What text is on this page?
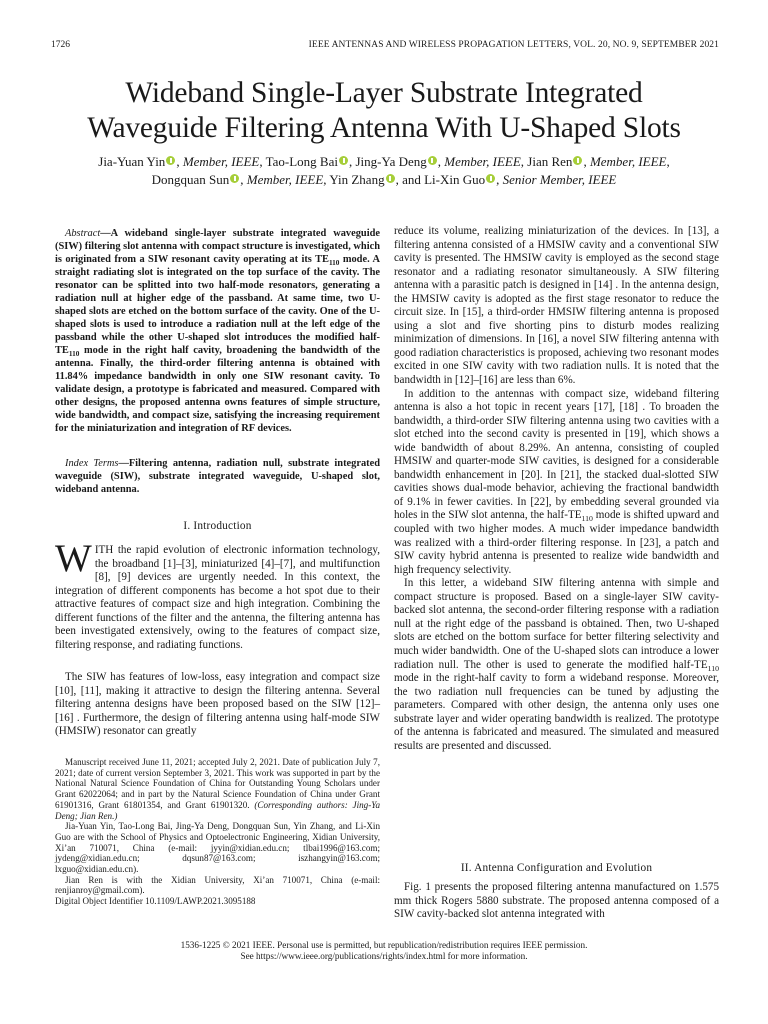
1726	IEEE ANTENNAS AND WIRELESS PROPAGATION LETTERS, VOL. 20, NO. 9, SEPTEMBER 2021
Wideband Single-Layer Substrate Integrated
Waveguide Filtering Antenna With U-Shaped Slots
Jia-Yuan Yin , Member, IEEE, Tao-Long Bai , Jing-Ya Deng , Member, IEEE, Jian Ren , Member, IEEE,
Dongquan Sun , Member, IEEE, Yin Zhang , and Li-Xin Guo , Senior Member, IEEE

Abstract—A wideband single-layer substrate integrated waveguide (SIW) filtering slot antenna with compact structure is investigated, which is originated from a SIW resonant cavity operating at its $TE_{110}$ mode. A straight radiating slot is integrated on the top surface of the cavity. The resonator can be splitted into two half-mode resonators, generating a radiation null at higher edge of the passband. At same time, two U-shaped slots are etched on the bottom surface of the cavity. One of the U-shaped slots is used to introduce a radiation null at the left edge of the passband while the other U-shaped slot introduces the modified half-$TE_{110}$ mode in the right half cavity, broadening the bandwidth of the antenna. Finally, the third-order filtering antenna is obtained with 11.84% impedance bandwidth in only one SIW resonant cavity. To validate design, a prototype is fabricated and measured. Compared with other designs, the proposed antenna owns features of simple structure, wide bandwidth, and compact size, satisfying the increasing requirement for the miniaturization and integration of RF devices.

Index Terms—Filtering antenna, radiation null, substrate integrated waveguide (SIW), substrate integrated waveguide, U-shaped slot, wideband antenna.

I. Introduction

WITH the rapid evolution of electronic information technology, the broadband [1]–[3], miniaturized [4]–[7], and multifunction [8], [9] devices are urgently needed. In this context, the integration of different components has become a hot spot due to their attractive features of compact size and high integration. Combining the different functions of the filter and the antenna, the filtering antenna has been investigated extensively, owing to the features of compact size, filtering response, and radiating functions.

The SIW has features of low-loss, easy integration and compact size [10], [11], making it attractive to design the filtering antenna. Several filtering antenna designs have been proposed based on the SIW [12]–[16] . Furthermore, the design of filtering antenna using half-mode SIW (HMSIW) resonator can greatly

Manuscript received June 11, 2021; accepted July 2, 2021. Date of publication July 7, 2021; date of current version September 3, 2021. This work was supported in part by the National Natural Science Foundation of China for Outstanding Young Scholars under Grant 62022064; and in part by the Natural Science Foundation of China under Grant 61901316, Grant 61801354, and Grant 61901320. (Corresponding authors: Jing-Ya Deng; Jian Ren.)

Jia-Yuan Yin, Tao-Long Bai, Jing-Ya Deng, Dongquan Sun, Yin Zhang, and Li-Xin Guo are with the School of Physics and Optoelectronic Engineering, Xidian University, Xi’an 710071, China (e-mail: jyyin@xidian.edu.cn; tlbai1996@163.com; jydeng@xidian.edu.cn; dqsun87@163.com; iszhangyin@163.com; lxguo@xidian.edu.cn).

Jian Ren is with the Xidian University, Xi’an 710071, China (e-mail: renjianroy@gmail.com).

Digital Object Identifier 10.1109/LAWP.2021.3095188

reduce its volume, realizing miniaturization of the devices. In [13], a filtering antenna consisted of a HMSIW cavity and a conventional SIW cavity is presented. The HMSIW cavity is employed as the second stage resonator and a radiating resonator simultaneously. A SIW filtering antenna with a parasitic patch is designed in [14] . In the antenna design, the HMSIW cavity is adopted as the first stage resonator to reduce the circuit size. In [15], a third-order HMSIW filtering antenna is proposed using a slot and five shorting pins to disturb modes realizing minimization of dimensions. In [16], a novel SIW filtering antenna with good radiation characteristics is proposed, achieving two resonant modes excited in one SIW cavity with two radiation nulls. It is noted that the bandwidth in [12]–[16] are less than 6%.

In addition to the antennas with compact size, wideband filtering antenna is also a hot topic in recent years [17], [18] . To broaden the bandwidth, a third-order SIW filtering antenna using two cavities with a slot etched into the second cavity is presented in [19], which shows a wide bandwidth of about 8.29%. An antenna, consisting of coupled HMSIW and quarter-mode SIW cavities, is designed for a considerable bandwidth enhancement in [20]. In [21], the stacked dual-slotted SIW cavities shows dual-mode behavior, achieving the fractional bandwidth of 9.1% in fewer cavities. In [22], by embedding several grounded via holes in the SIW slot antenna, the half-$TE_{110}$ mode is shifted upward and coupled with two higher modes. A much wider impedance bandwidth was realized with a third-order filtering response. In [23], a patch and SIW cavity hybrid antenna is presented to realize wide bandwidth and high frequency selectivity.

In this letter, a wideband SIW filtering antenna with simple and compact structure is proposed. Based on a single-layer SIW cavity-backed slot antenna, the second-order filtering response with a radiation null at the right edge of the passband is obtained. Then, two U-shaped slots are etched on the bottom surface for better filtering selectivity and much wider bandwidth. One of the U-shaped slots can introduce a lower radiation null. The other is used to generate the modified half-$TE_{110}$ mode in the right-half cavity to form a wideband response. Moreover, the two radiation null frequencies can be tuned by adjusting the parameters. Compared with other design, the antenna only uses one substrate layer and wider operating bandwidth is realized. The prototype of the antenna is fabricated and measured. The simulated and measured results are presented and discussed.

II. Antenna Configuration and Evolution

Fig. 1 presents the proposed filtering antenna manufactured on 1.575 mm thick Rogers 5880 substrate. The proposed antenna composed of a SIW cavity-backed slot antenna integrated with

1536-1225 © 2021 IEEE. Personal use is permitted, but republication/redistribution requires IEEE permission.
See https://www.ieee.org/publications/rights/index.html for more information.
